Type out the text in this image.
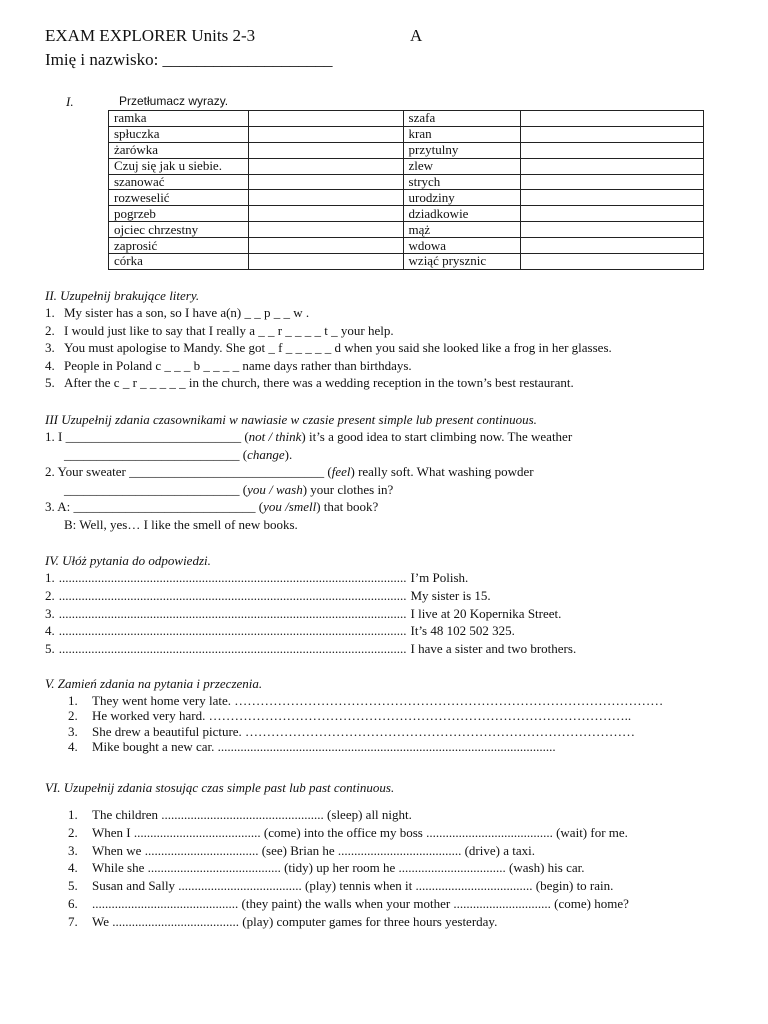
EXAM EXPLORER Units 2-3	A
Imię i nazwisko: ____________________
I.	Przetłumacz wyrazy.
ramka		szafa	
spłuczka		kran	
żarówka		przytulny	
Czuj się jak u siebie.		zlew	
szanować		strych	
rozweselić		urodziny	
pogrzeb		dziadkowie	
ojciec chrzestny		mąż	
zaprosić		wdowa	
córka		wziąć prysznic	
II. Uzupełnij brakujące litery.
1. My sister has a son, so I have a(n) _ _ p _ _ w .
2. I would just like to say that I really a _ _ r _ _ _ _ t _ your help.
3. You must apologise to Mandy. She got _ f _ _ _ _ _ d when you said she looked like a frog in her glasses.
4. People in Poland c _ _ _ b _ _ _ _ name days rather than birthdays.
5. After the c _ r _ _ _ _ _ in the church, there was a wedding reception in the town’s best restaurant.
III Uzupełnij zdania czasownikami w nawiasie w czasie present simple lub present continuous.
1. I ___________________________ (not / think) it’s a good idea to start climbing now. The weather
___________________________ (change).
2. Your sweater ______________________________ (feel) really soft. What washing powder
___________________________ (you / wash) your clothes in?
3. A: ____________________________ (you /smell) that book?
B: Well, yes… I like the smell of new books.
IV. Ułóż pytania do odpowiedzi.
1. ........................................................................................................... I’m Polish.
2. ........................................................................................................... My sister is 15.
3. ........................................................................................................... I live at 20 Kopernika Street.
4. ........................................................................................................... It’s 48 102 502 325.
5. ........................................................................................................... I have a sister and two brothers.
V. Zamień zdania na pytania i przeczenia.
1. They went home very late. ………………………………………………………………………………………
2. He worked very hard. ……………………………………………………………………………………..
3. She drew a beautiful picture. ………………………………………………………………………………
4. Mike bought a new car. ........................................................................................................
VI. Uzupełnij zdania stosując czas simple past lub past continuous.
1. The children .................................................. (sleep) all night.
2. When I ....................................... (come) into the office my boss ....................................... (wait) for me.
3. When we ................................... (see) Brian he ...................................... (drive) a taxi.
4. While she ......................................... (tidy) up her room he ................................. (wash) his car.
5. Susan and Sally ...................................... (play) tennis when it .................................... (begin) to rain.
6. ............................................. (they paint) the walls when your mother .............................. (come) home?
7. We ....................................... (play) computer games for three hours yesterday.
